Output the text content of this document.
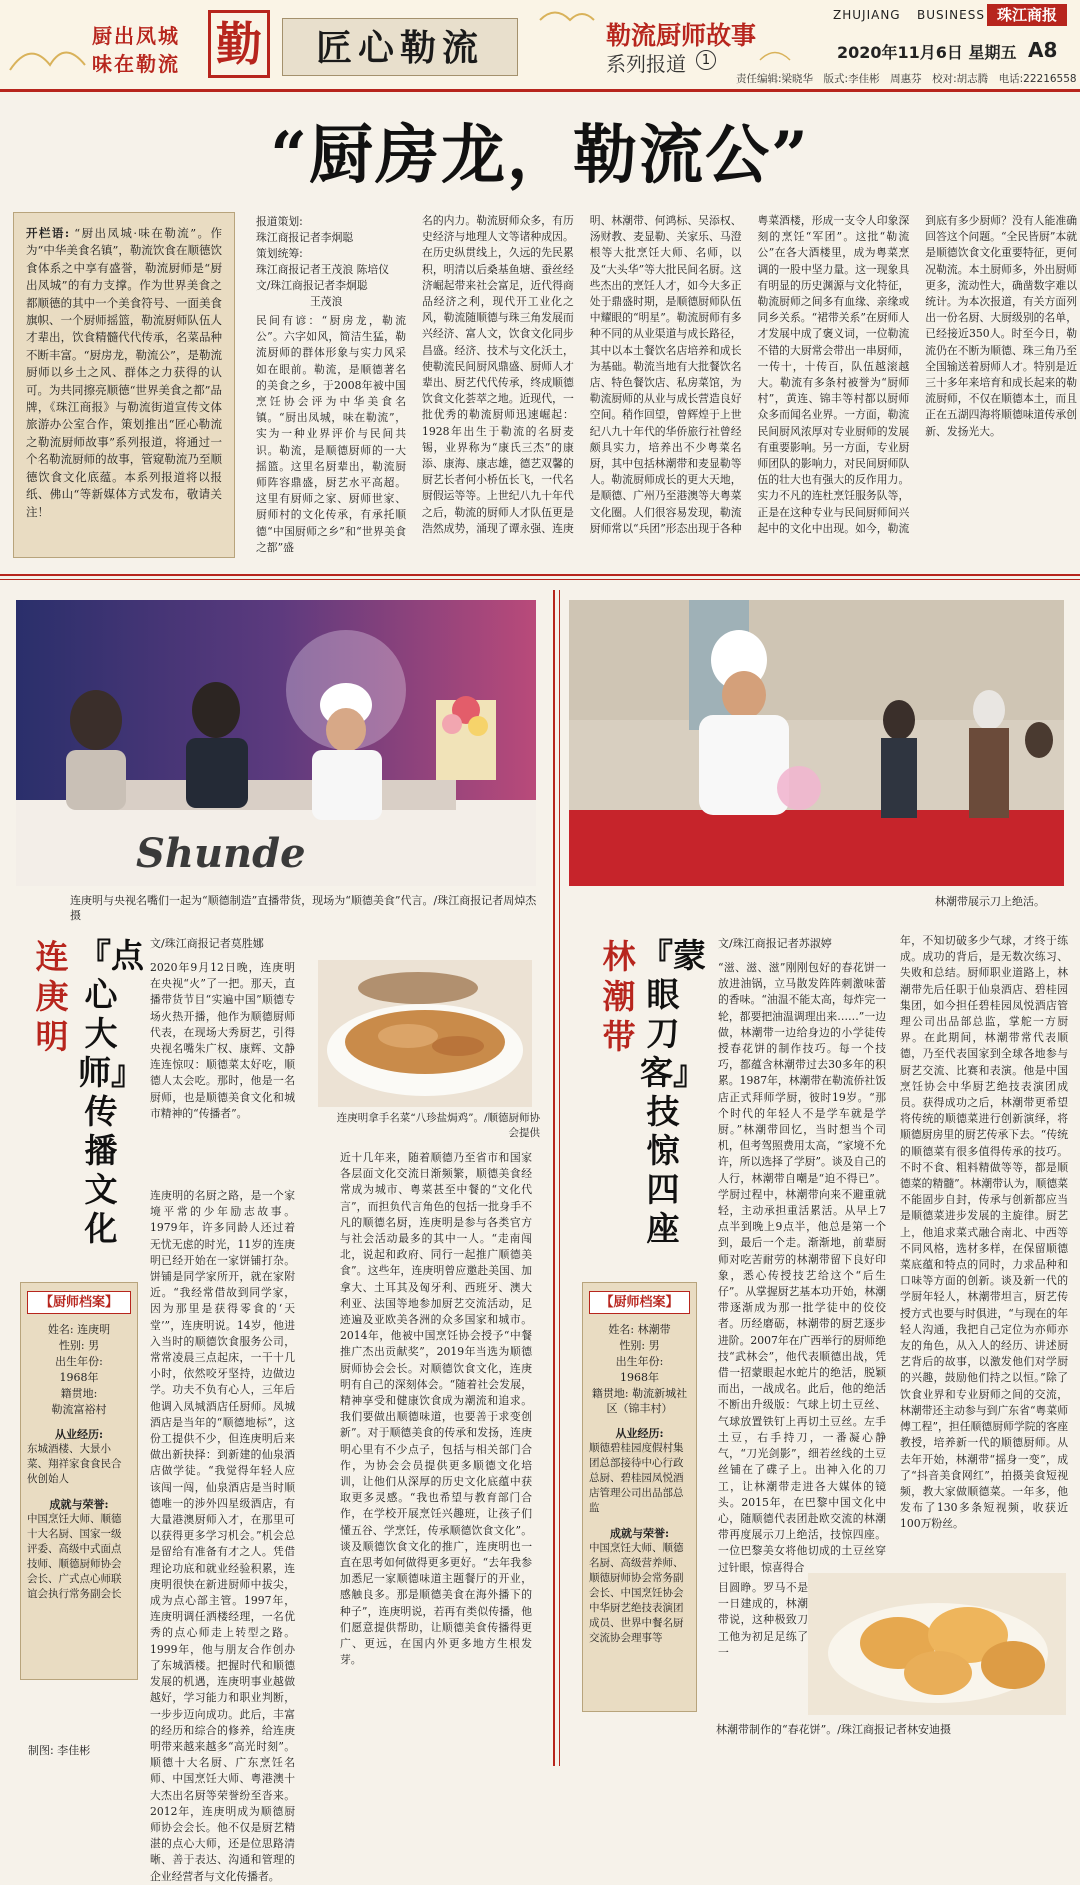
厨出凤城
味在勒流 勤	匠心勒流	勒流厨师故事
系列报道	1
ZHUJIANG BUSINESS 珠江商报
2020年11月6日 星期五 A8
责任编辑:梁晓华　版式:李佳彬　周惠芬　校对:胡志腾　电话:22216558
“厨房龙，勒流公”
开栏语: “厨出凤城·味在勒流”。作为“中华美食名镇”，勒流饮食在顺德饮食体系之中享有盛誉，勒流厨师是“厨出凤城”的有力支撑。作为世界美食之都顺德的其中一个美食符号、一面美食旗帜、一个厨师摇篮，勒流厨师队伍人才辈出，饮食精髓代代传承，名菜品种不断丰富。“厨房龙，勒流公”，是勒流厨师以乡土之风、群体之力获得的认可。为共同擦亮顺德“世界美食之都”品牌，《珠江商报》与勒流街道宣传文体旅游办公室合作，策划推出“匠心勒流之勒流厨师故事”系列报道，将通过一个名勒流厨师的故事，管窥勒流乃至顺德饮食文化底蕴。本系列报道将以报纸、佛山“等新媒体方式发布，敬请关注！
报道策划:
珠江商报记者李炯聪
策划统筹:
珠江商报记者王茂浪 陈培仪
文/珠江商报记者李炯聪
王茂浪
民间有谚：“厨房龙，勒流公”。六字如风，简洁生猛，勒流厨师的群体形象与实力风采如在眼前。勒流，是顺德著名的美食之乡，于2008年被中国烹饪协会评为中华美食名镇。“厨出凤城，味在勒流”，实为一种业界评价与民间共识。勒流，是顺德厨师的一大摇篮。这里名厨辈出，勒流厨师阵容鼎盛，厨艺水平高超。这里有厨师之家、厨师世家、厨师村的文化传承，有承托顺德“中国厨师之乡”和“世界美食之都”盛
名的内力。勒流厨师众多，有历史经济与地理人文等诸种成因。在历史纵贯线上，久远的先民累积，明清以后桑基鱼塘、蚕丝经济崛起带来社会富足，近代得商品经济之利，现代开工业化之风，勒流随顺德与珠三角发展而兴经济、富人文，饮食文化同步昌盛。经济、技术与文化沃土，使勒流民间厨风鼎盛、厨师人才辈出、厨艺代代传承，终成顺德饮食文化荟萃之地。近现代，一批优秀的勒流厨师迅速崛起：1928年出生于勒流的名厨麦锡，业界称为“康氏三杰”的康添、康海、康志雄，德艺双馨的厨艺长者何小桥伍长飞，一代名厨假运等等。上世纪八九十年代之后，勒流的厨师人才队伍更是浩然成势，涌现了谭永强、连庚明、林潮带、何鸿标、吴添权、汤财教、麦显勒、关家乐、马澄根等大批烹饪大师、名师，以及“大头华”等大批民间名厨。这些杰出的烹饪人才，如今大多正处于鼎盛时期，是顺德厨师队伍中耀眼的“明星”。勒流厨师有多种不同的从业渠道与成长路径，其中以本土餐饮名店培养和成长为基础。勒流当地有大批餐饮名店、特色餐饮店、私房菜馆，为勒流厨师的从业与成长营造良好空间。稍作回望，曾辉煌于上世纪八九十年代的华侨旅行社曾经颇具实力，培养出不少粤菜名厨，其中包括林潮带和麦显勒等人。勒流厨师成长的更大天地，是顺德、广州乃至港澳等大粤菜文化圈。人们很容易发现，勒流厨师常以“兵团”形态出现于各种粤菜酒楼，形成一支令人印象深刻的烹饪“军团”。这批“勒流公”在各大酒楼里，成为粤菜烹调的一股中坚力量。这一现象具有明显的历史渊源与文化特征，勒流厨师之间多有血缘、亲缘或同乡关系。“裙带关系”在厨师人才发展中成了褒义词，一位勒流不错的大厨常会带出一串厨师，一传十，十传百，队伍越滚越大。勒流有多条村被誉为“厨师村”，黄连、锦丰等村都以厨师众多而闻名业界。一方面，勒流民间厨风浓厚对专业厨师的发展有重要影响。另一方面，专业厨师团队的影响力，对民间厨师队伍的壮大也有强大的反作用力。实力不凡的连杜烹饪服务队等，正是在这种专业与民间厨师间兴起中的文化中出现。如今，勒流到底有多少厨师？没有人能准确回答这个问题。“全民皆厨”本就是顺德饮食文化重要特征，更何况勒流。本土厨师多，外出厨师更多，流动性大，确凿数字难以统计。为本次报道，有关方面列出一份名厨、大厨级别的名单，已经接近350人。时至今日，勒流仍在不断为顺德、珠三角乃至全国输送着厨师人才。特别是近三十多年来培育和成长起来的勒流厨师，不仅在顺德本土，而且正在五湖四海将顺德味道传承创新、发扬光大。
Shunde
连庚明与央视名嘴们一起为“顺德制造”直播带货，现场为“顺德美食”代言。/珠江商报记者周焯杰摄
连庚明
『点心大师』传播文化
文/珠江商报记者莫胜娜
2020年9月12日晚，连庚明在央视“火”了一把。那天，直播带货节目“实遍中国”顺德专场火热开播，他作为顺德厨师代表，在现场大秀厨艺，引得央视名嘴朱广权、康辉、文静连连惊叹：顺德菜太好吃，顺德人太会吃。那时，他是一名厨师，也是顺德美食文化和城市精神的“传播者”。	连庚明拿手名菜“八珍盐焗鸡”。/顺德厨师协会提供
连庚明的名厨之路，是一个家境平常的少年励志故事。1979年，许多同龄人还过着无忧无虑的时光，11岁的连庚明已经开始在一家饼铺打杂。饼铺是同学家所开，就在家附近。“我经常借故到同学家，因为那里是获得零食的‘天堂’”，连庚明说。14岁，他进入当时的顺德饮食服务公司，常常凌晨三点起床，一干十几小时，依然咬牙坚持，边做边学。功夫不负有心人，三年后他调入凤城酒店任厨师。凤城酒店是当年的“顺德地标”，这份工提供不少，但连庚明后来做出新抉择：到新建的仙泉酒店做学徒。“我觉得年轻人应该闯一闯，仙泉酒店是当时顺德唯一的涉外四星级酒店，有大量港澳厨师入才，在那里可以获得更多学习机会。”机会总是留给有准备有才之人。凭借理论功底和就业经验积累，连庚明很快在新进厨师中拔尖，成为点心部主管。1997年，连庚明调任洒楼经理，一名优秀的点心师走上转型之路。1999年，他与朋友合作创办了东城酒楼。把握时代和顺德发展的机遇，连庚明事业越做越好，学习能力和职业判断，一步步迈向成功。此后，丰富的经历和综合的修养，给连庚明带来越来越多“高光时刻”。顺德十大名厨、广东烹饪名师、中国烹饪大师、粤港澳十大杰出名厨等荣誉纷至沓来。2012年，连庚明成为顺德厨师协会会长。他不仅是厨艺精湛的点心大师，还是位思路清晰、善于表达、沟通和管理的企业经营者与文化传播者。
近十几年来，随着顺德乃至省市和国家各层面文化交流日渐频繁，顺德美食经常成为城市、粤菜甚至中餐的“文化代言”，而担负代言角色的包括一批身手不凡的顺德名厨，连庚明是参与各类官方与社会活动最多的其中一人。“走南闯北，说起和政府、同行一起推广顺德美食”。这些年，连庚明曾应邀赴美国、加拿大、土耳其及匈牙利、西班牙、澳大利亚、法国等地参加厨艺交流活动，足迹遍及亚欧美各洲的众多国家和城市。2014年，他被中国烹饪协会授予“中餐推广杰出贡献奖”，2019年当选为顺德厨师协会会长。对顺德饮食文化，连庚明有自己的深刻体会。“随着社会发展，精神享受和健康饮食成为潮流和追求。我们要做出顺德味道，也要善于求变创新”。对于顺德美食的传承和发扬，连庚明心里有不少点子，包括与相关部门合作，为协会会员提供更多顺德文化培训，让他们从深厚的历史文化底蕴中获取更多灵感。“我也希望与教育部门合作，在学校开展烹饪兴趣班，让孩子们懂五谷、学烹饪，传承顺德饮食文化”。谈及顺德饮食文化的推广，连庚明也一直在思考如何做得更多更好。“去年我参加悉尼一家顺德味道主题餐厅的开业，感触良多。那是顺德美食在海外播下的种子”，连庚明说，若再有类似传播，他们愿意提供帮助，让顺德美食传播得更广、更远，在国内外更多地方生根发芽。
【厨师档案】
姓名: 连庚明
性别: 男
出生年份:
1968年
籍贯地:
勒流富裕村
从业经历:
东城酒楼、大景小菜、翔祥家食食民合伙创始人
成就与荣誉:
中国烹饪大师、顺德十大名厨、国家一级评委、高级中式面点技师、顺德厨师协会会长、广式点心师联谊会执行常务副会长
制图: 李佳彬
林潮带展示刀上绝活。
林潮带
『蒙眼刀客』技惊四座
文/珠江商报记者苏淑婷
“滋、滋、滋”刚刚包好的春花饼一放进油锅，立马散发阵阵刺激味蕾的香味。“油温不能太高，每炸完一轮，都要把油温调理出来……”一边做，林潮带一边给身边的小学徒传授春花饼的制作技巧。每一个技巧，都蕴含林潮带过去30多年的积累。1987年，林潮带在勒流侨社饭店正式拜师学厨，彼时19岁。“那个时代的年轻人不是学车就是学厨。”林潮带回忆，当时想当个司机，但考驾照费用太高，“家境不允许，所以选择了学厨”。谈及自己的人行，林潮带自嘲是“迫不得已”。学厨过程中，林潮带向来不避重就轻，主动承担重活累活。从早上7点半到晚上9点半，他总是第一个到，最后一个走。渐渐地，前辈厨师对吃苦耐劳的林潮带留下良好印象，悉心传授技艺给这个“后生仔”。从掌握厨艺基本功开始，林潮带逐渐成为那一批学徒中的佼佼者。历经磨砺，林潮带的厨艺逐步进阶。2007年在广西举行的厨师绝技“武林会”，他代表顺德出战，凭借一招蒙眼起水蛇片的绝活，脱颖而出，一战成名。此后，他的绝活不断出升级版：气球上切土豆丝、气球放置铁钉上再切土豆丝。左手土豆，右手持刀，一番凝心静气，“刀光剑影”，细若丝线的土豆丝铺在了碟子上。出神入化的刀工，让林潮带走进各大媒体的镜头。2015年，在巴黎中国文化中心，随顺德代表团赴欧交流的林潮带再度展示刀上绝活，技惊四座。一位巴黎美女将他切成的土豆丝穿过针眼，惊喜得合
年，不知切破多少气球，才终于练成。成功的背后，是无数次练习、失败和总结。厨师职业道路上，林潮带先后任职于仙泉酒店、碧桂园集团，如今担任碧桂园凤悦酒店管理公司出品部总监，掌舵一方厨界。在此期间，林潮带常代表顺德，乃至代表国家到全球各地参与厨艺交流、比赛和表演。他是中国烹饪协会中华厨艺绝技表演团成员。获得成功之后，林潮带更希望将传统的顺德菜进行创新演绎，将顺德厨房里的厨艺传承下去。“传统的顺德菜有很多值得传承的技巧。不时不食、粗料精做等等，都是顺德菜的精髓”。林潮带认为，顺德菜不能固步自封，传承与创新都应当是顺德菜进步发展的主旋律。厨艺上，他追求菜式融合南北、中西等不同风格，选材多样，在保留顺德菜底蕴和特点的同时，力求品种和口味等方面的创新。谈及新一代的学厨年轻人，林潮带坦言，厨艺传授方式也要与时俱进，“与现在的年轻人沟通，我把自己定位为亦师亦友的角色，从入人的经历、讲述厨艺背后的故事，以激发他们对学厨的兴趣，鼓励他们持之以恒。”除了饮食业界和专业厨师之间的交流，林潮带还主动参与到广东省“粤菜师傅工程”，担任顺德厨师学院的客座教授，培养新一代的顺德厨师。从去年开始，林潮带“摇身一变”，成了“抖音美食网红”，拍摄美食短视频，教大家做顺德菜。一年多，他发布了130多条短视频，收获近100万粉丝。
【厨师档案】
姓名: 林潮带
性别: 男
出生年份:
1968年
籍贯地: 勒流新城社区（锦丰村）
从业经历:
顺德碧桂园度假村集团总部接待中心行政总厨、碧桂园凤悦酒店管理公司出品部总监
成就与荣誉:
中国烹饪大师、顺德名厨、高级营养师、顺德厨师协会常务副会长、中国烹饪协会中华厨艺绝技表演团成员、世界中餐名厨交流协会理事等
目圆睁。罗马不是一日建成的，林潮带说，这种极致刀工他为初足足练了一
林潮带制作的“春花饼”。/珠江商报记者林安迪摄
